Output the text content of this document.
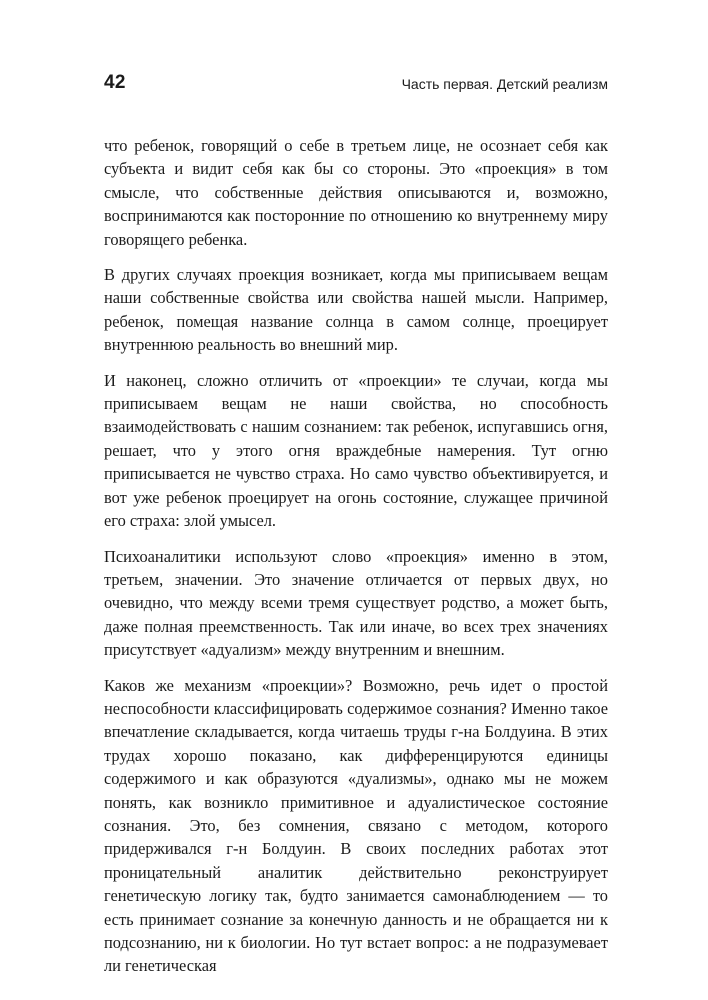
42	Часть первая. Детский реализм

что ребенок, говорящий о себе в третьем лице, не осознает себя как субъекта и видит себя как бы со стороны. Это «проекция» в том смысле, что собственные действия описываются и, возможно, воспринимаются как посторонние по отношению ко внутреннему миру говорящего ребенка.

В других случаях проекция возникает, когда мы приписываем вещам наши собственные свойства или свойства нашей мысли. Например, ребенок, помещая название солнца в самом солнце, проецирует внутреннюю реальность во внешний мир.

И наконец, сложно отличить от «проекции» те случаи, когда мы приписываем вещам не наши свойства, но способность взаимодействовать с нашим сознанием: так ребенок, испугавшись огня, решает, что у этого огня враждебные намерения. Тут огню приписывается не чувство страха. Но само чувство объективируется, и вот уже ребенок проецирует на огонь состояние, служащее причиной его страха: злой умысел.

Психоаналитики используют слово «проекция» именно в этом, третьем, значении. Это значение отличается от первых двух, но очевидно, что между всеми тремя существует родство, а может быть, даже полная преемственность. Так или иначе, во всех трех значениях присутствует «адуализм» между внутренним и внешним.

Каков же механизм «проекции»? Возможно, речь идет о простой неспособности классифицировать содержимое сознания? Именно такое впечатление складывается, когда читаешь труды г-на Болдуина. В этих трудах хорошо показано, как дифференцируются единицы содержимого и как образуются «дуализмы», однако мы не можем понять, как возникло примитивное и адуалистическое состояние сознания. Это, без сомнения, связано с методом, которого придерживался г-н Болдуин. В своих последних работах этот проницательный аналитик действительно реконструирует генетическую логику так, будто занимается самонаблюдением — то есть принимает сознание за конечную данность и не обращается ни к подсознанию, ни к биологии. Но тут встает вопрос: а не подразумевает ли генетическая
